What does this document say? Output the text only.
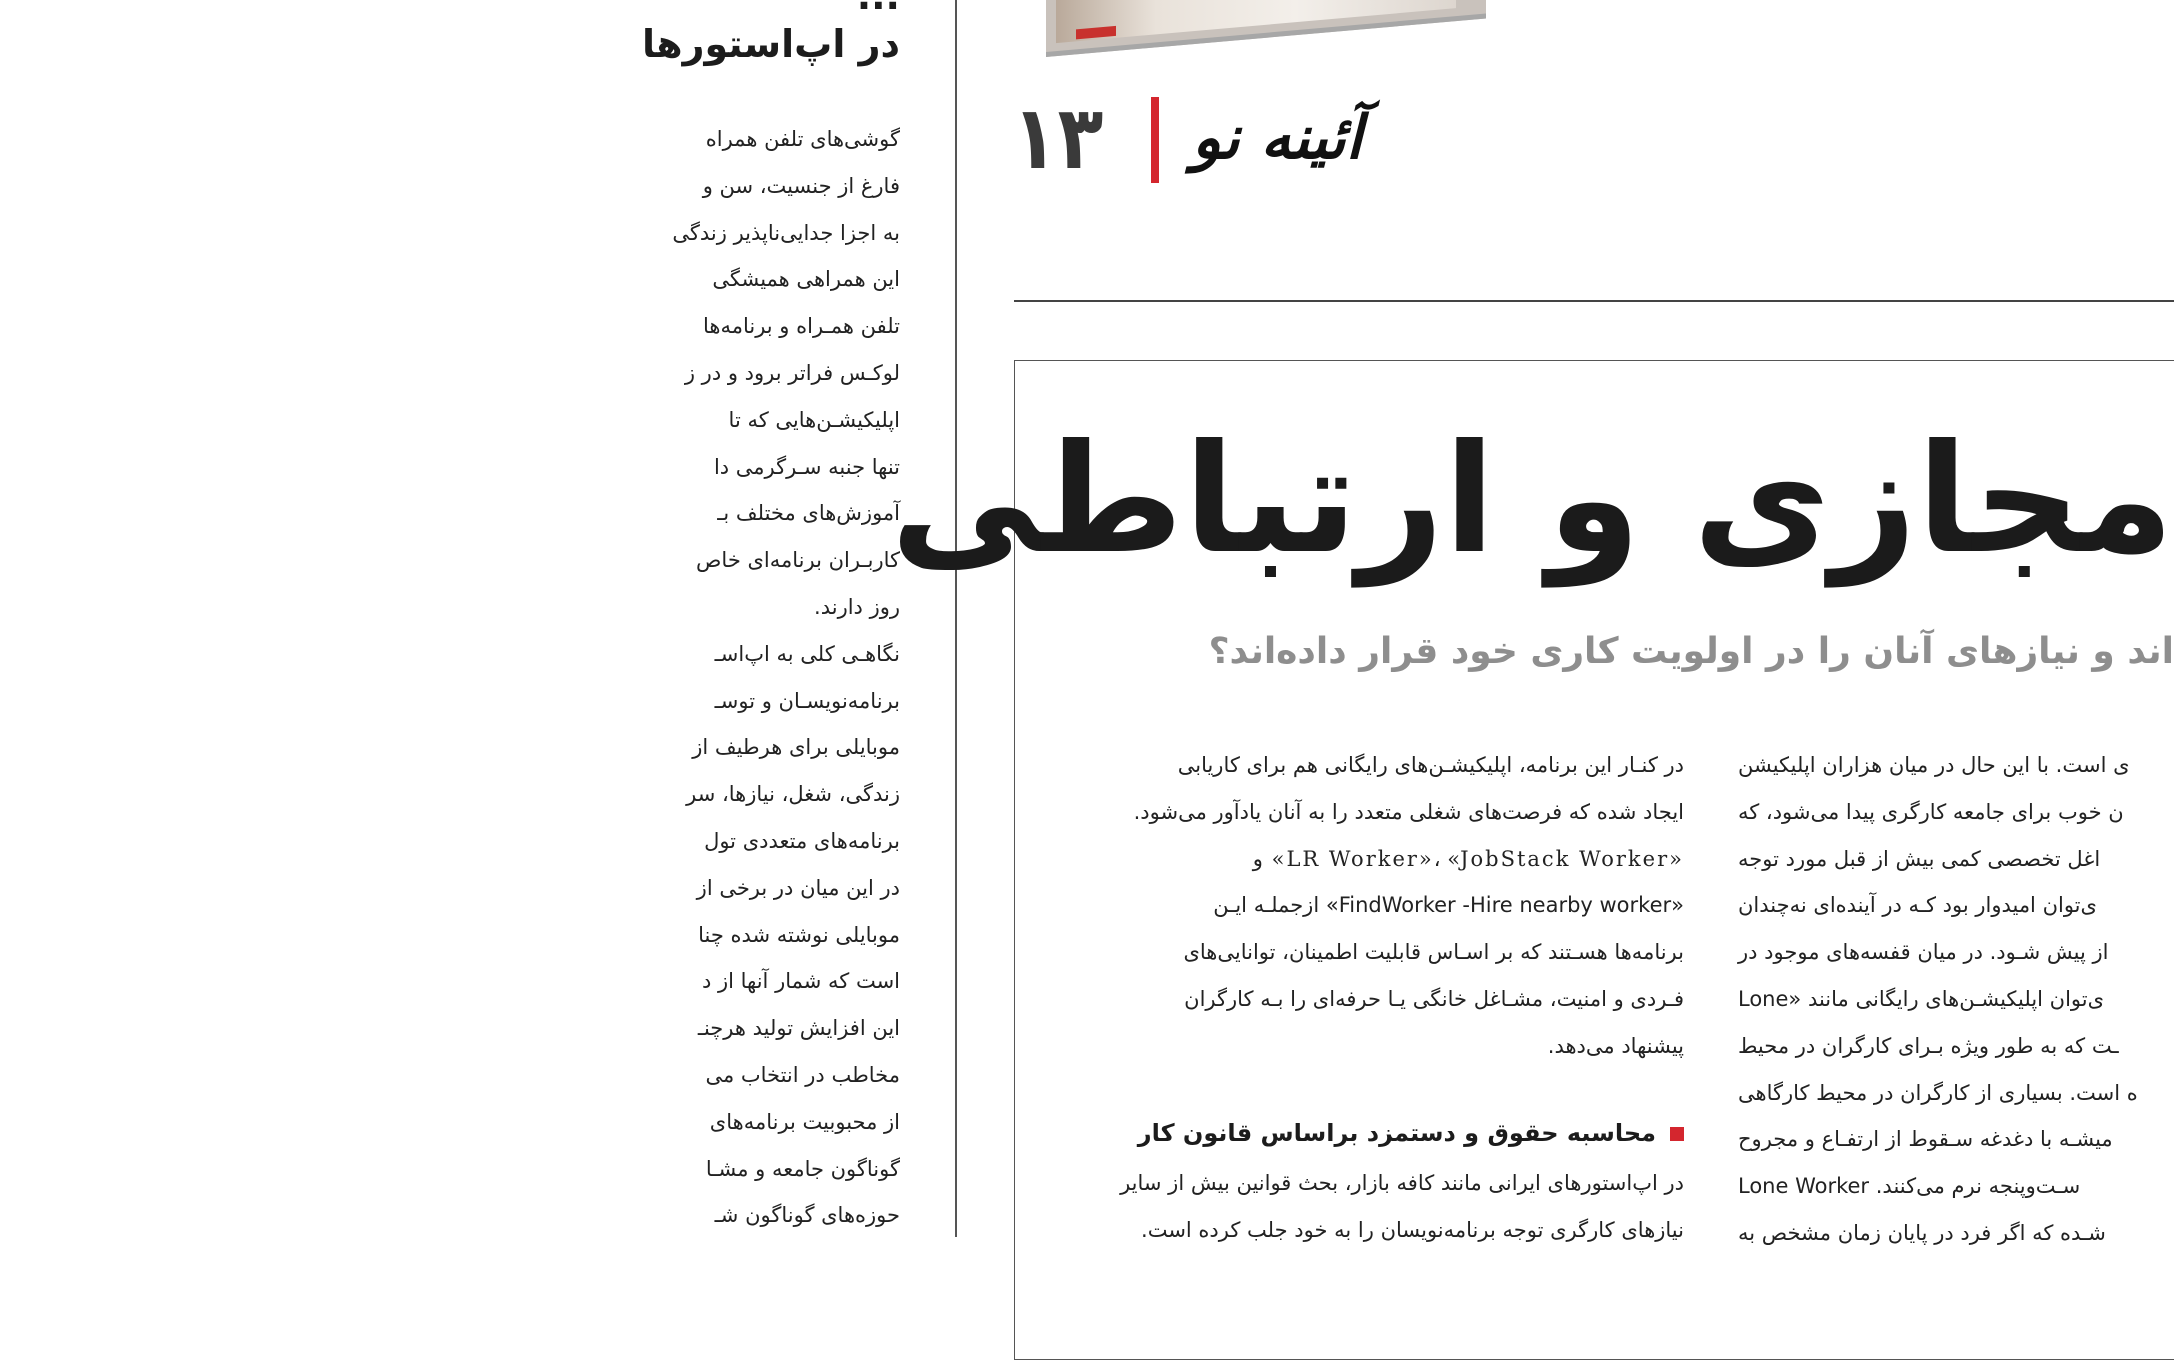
در اپ‌استورها
گوشی‌های تلفن همراه
فارغ از جنسیت، سن و
به اجزا جدایی‌ناپذیر زندگی
این همراهی همیشگی
تلفن همـراه و برنامه‌ها
لوکـس فراتر برود و در ز
اپلیکیشـن‌هایی که تا
تنها جنبه سـرگرمی دا
آموزش‌های مختلف بـ
کاربـران برنامه‌ای خاص
روز دارند.
نگاهـی کلی به اپ‌اسـ
برنامه‌نویسـان و توسـ
موبایلی برای هرطیف از
زندگی، شغل، نیازها، سر
برنامه‌های متعددی تول
در این میان در برخی از
موبایلی نوشته شده چنا
است که شمار آنها از د
این افزایش تولید هرچنـ
مخاطب در انتخاب می
از محبوبیت برنامه‌های
گوناگون جامعه و مشـا
حوزه‌های گوناگون شـ
۱۳ آئینه نو
مجازی و ارتباطی
اند و نیازهای آنان را در اولویت کاری خود قرار داده‌اند؟
در کنـار این برنامه، اپلیکیشـن‌های رایگانی هم برای کاریابی
ایجاد شده که فرصت‌های شغلی متعدد را به آنان یادآور می‌شود.
«LR Worker»، «JobStack Worker» و
«FindWorker -Hire nearby worker» ازجملـه ایـن
برنامه‌ها هسـتند که بر اسـاس قابلیت اطمینان، توانایی‌های
فـردی و امنیت، مشـاغل خانگی یـا حرفه‌ای را بـه کارگران
پیشنهاد می‌دهد.
محاسبه حقوق و دستمزد براساس قانون کار
در اپ‌استورهای ایرانی مانند کافه بازار، بحث قوانین بیش از سایر
نیازهای کارگری توجه برنامه‌نویسان را به خود جلب کرده است.
ی است. با این حال در میان هزاران اپلیکیشن
ن خوب برای جامعه کارگری پیدا می‌شود، که
اغل تخصصی کمی بیش از قبل مورد توجه
ی‌توان امیدوار بود کـه در آینده‌ای نه‌چندان
از پیش شـود. در میان قفسه‌های موجود در
ی‌توان اپلیکیشـن‌های رایگانی مانند «Lone
ـت که به طور ویژه بـرای کارگران در محیط
ه است. بسیاری از کارگران در محیط کارگاهی
میشـه با دغدغه سـقوط از ارتفـاع و مجروح
سـت‌وپنجه نرم می‌کنند. Lone Worker
شـده که اگر فرد در پایان زمان مشخص به
